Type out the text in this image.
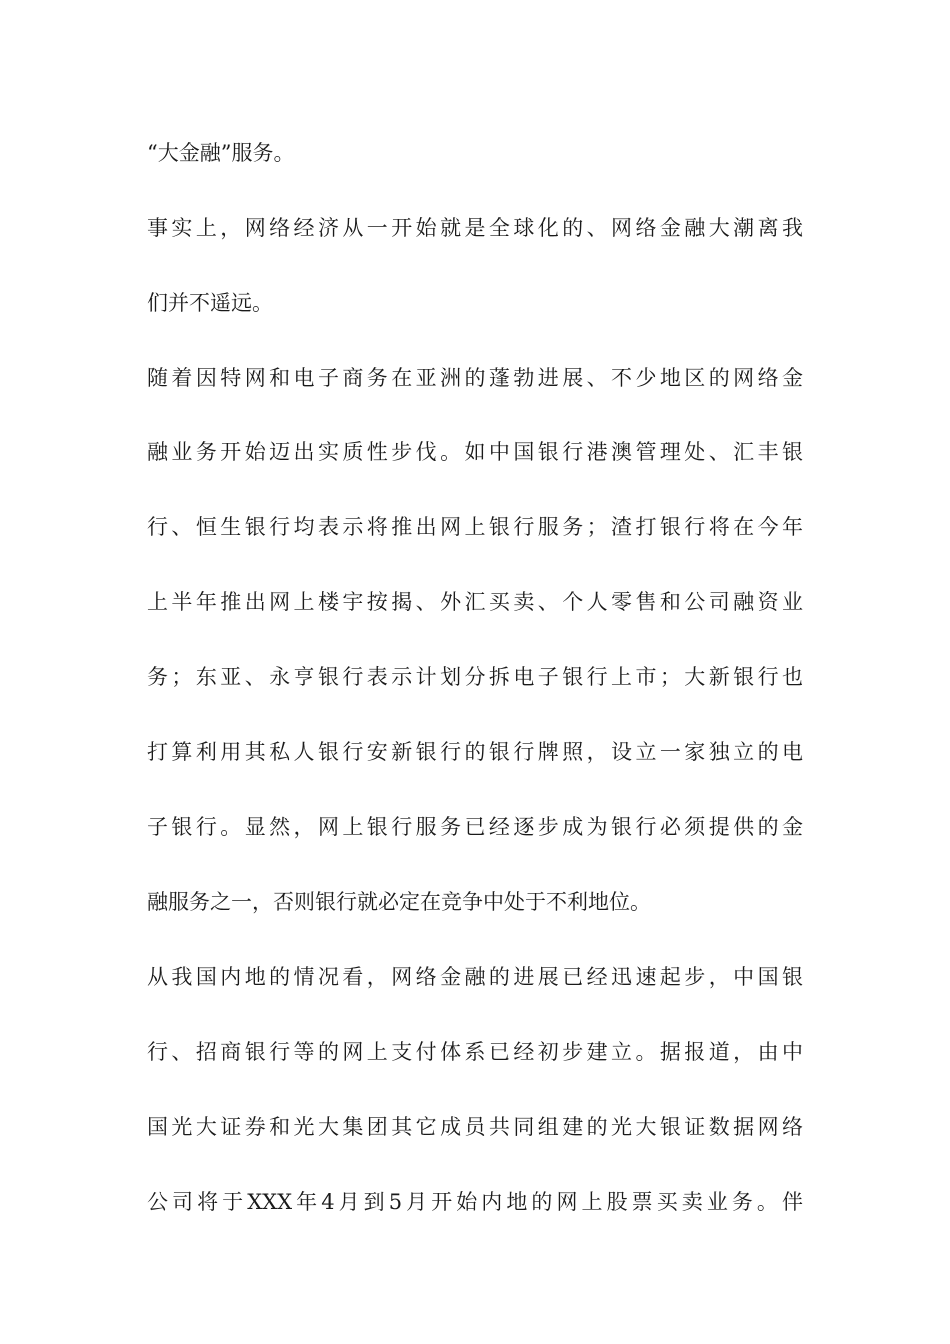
“大金融”服务。

事实上，网络经济从一开始就是全球化的、网络金融大潮离我

们并不遥远。

随着因特网和电子商务在亚洲的蓬勃进展、不少地区的网络金

融业务开始迈出实质性步伐。如中国银行港澳管理处、汇丰银

行、恒生银行均表示将推出网上银行服务；渣打银行将在今年

上半年推出网上楼宇按揭、外汇买卖、个人零售和公司融资业

务；东亚、永亨银行表示计划分拆电子银行上市；大新银行也

打算利用其私人银行安新银行的银行牌照，设立一家独立的电

子银行。显然，网上银行服务已经逐步成为银行必须提供的金

融服务之一，否则银行就必定在竞争中处于不利地位。

从我国内地的情况看，网络金融的进展已经迅速起步，中国银

行、招商银行等的网上支付体系已经初步建立。据报道，由中

国光大证券和光大集团其它成员共同组建的光大银证数据网络

公司将于XXX年4月到5月开始内地的网上股票买卖业务。伴
